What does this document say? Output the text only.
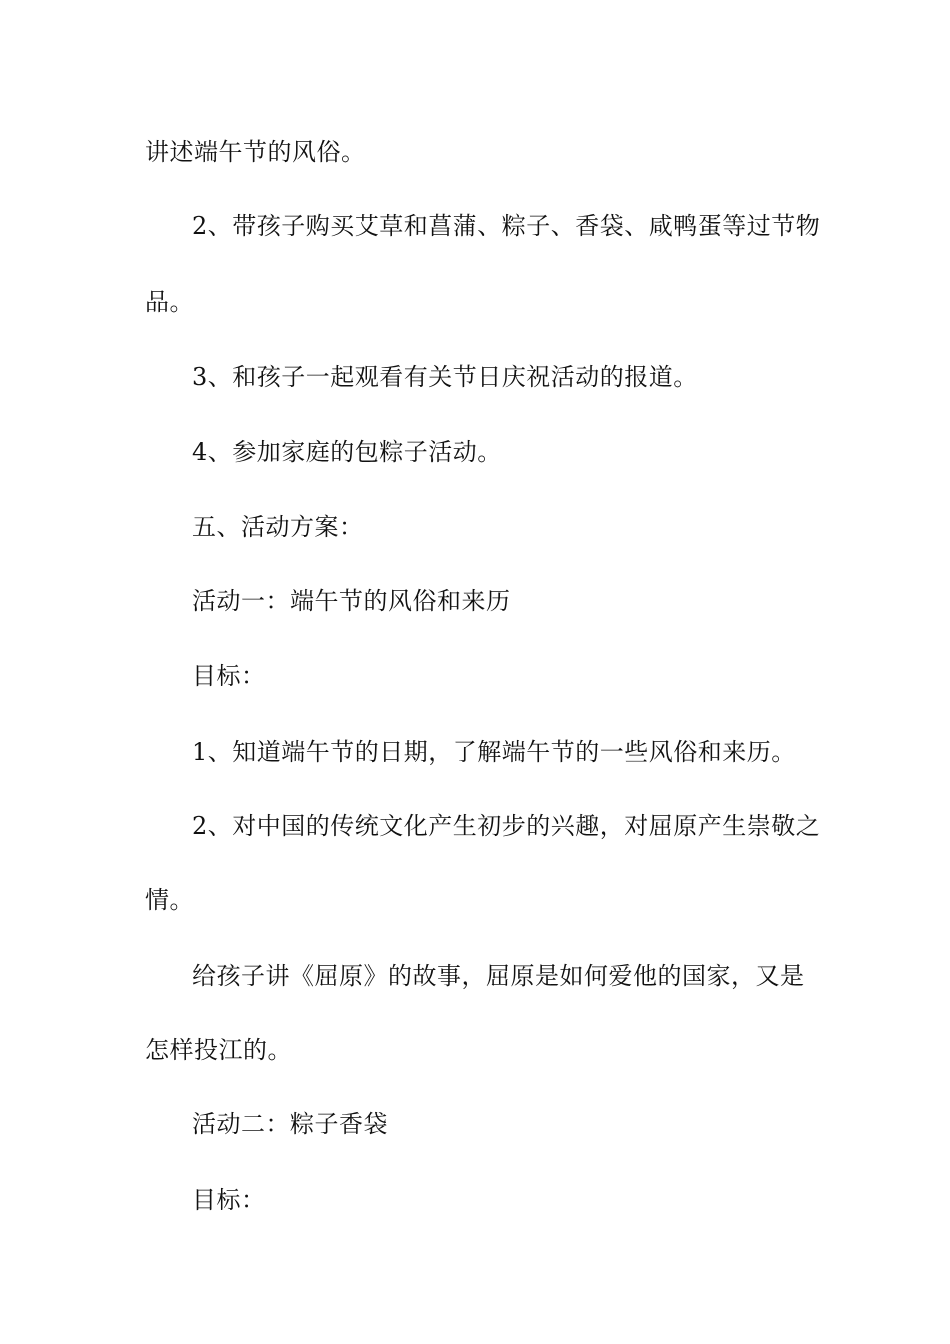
讲述端午节的风俗。
2、带孩子购买艾草和菖蒲、粽子、香袋、咸鸭蛋等过节物
品。
3、和孩子一起观看有关节日庆祝活动的报道。
4、参加家庭的包粽子活动。
五、活动方案：
活动一：端午节的风俗和来历
目标：
1、知道端午节的日期，了解端午节的一些风俗和来历。
2、对中国的传统文化产生初步的兴趣，对屈原产生崇敬之
情。
给孩子讲《屈原》的故事，屈原是如何爱他的国家，又是
怎样投江的。
活动二：粽子香袋
目标：
